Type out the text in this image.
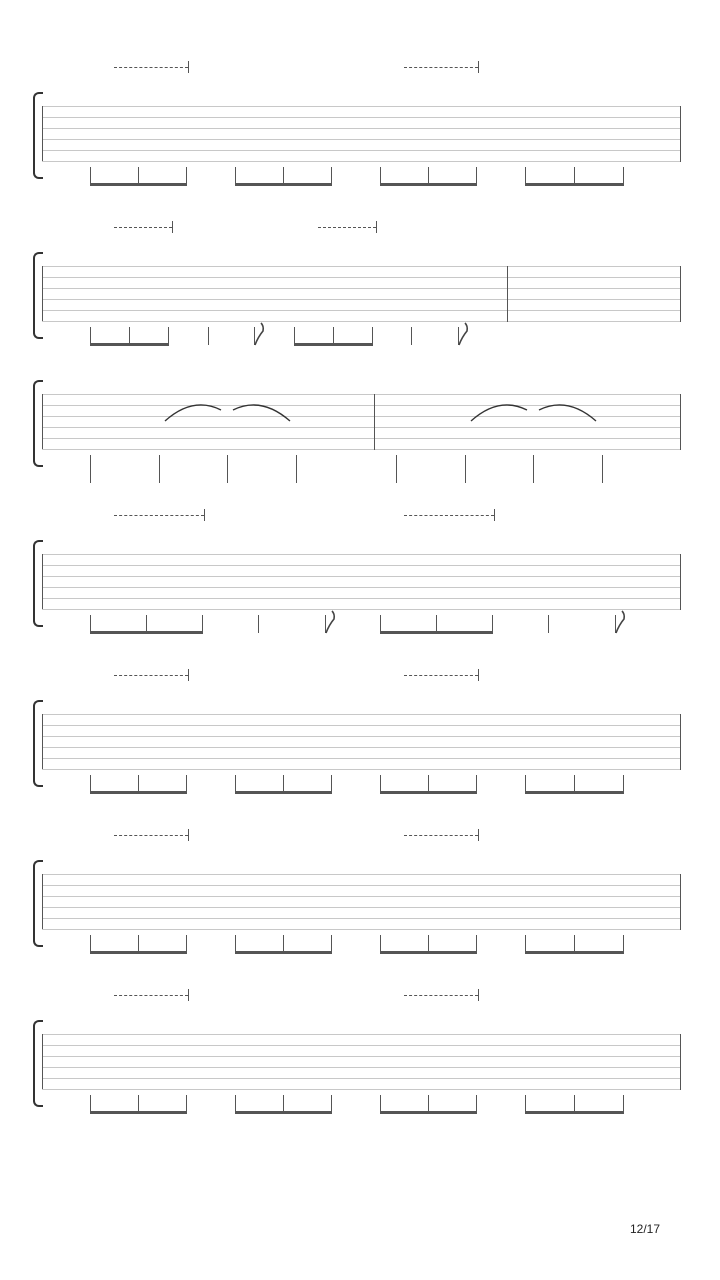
12/17
